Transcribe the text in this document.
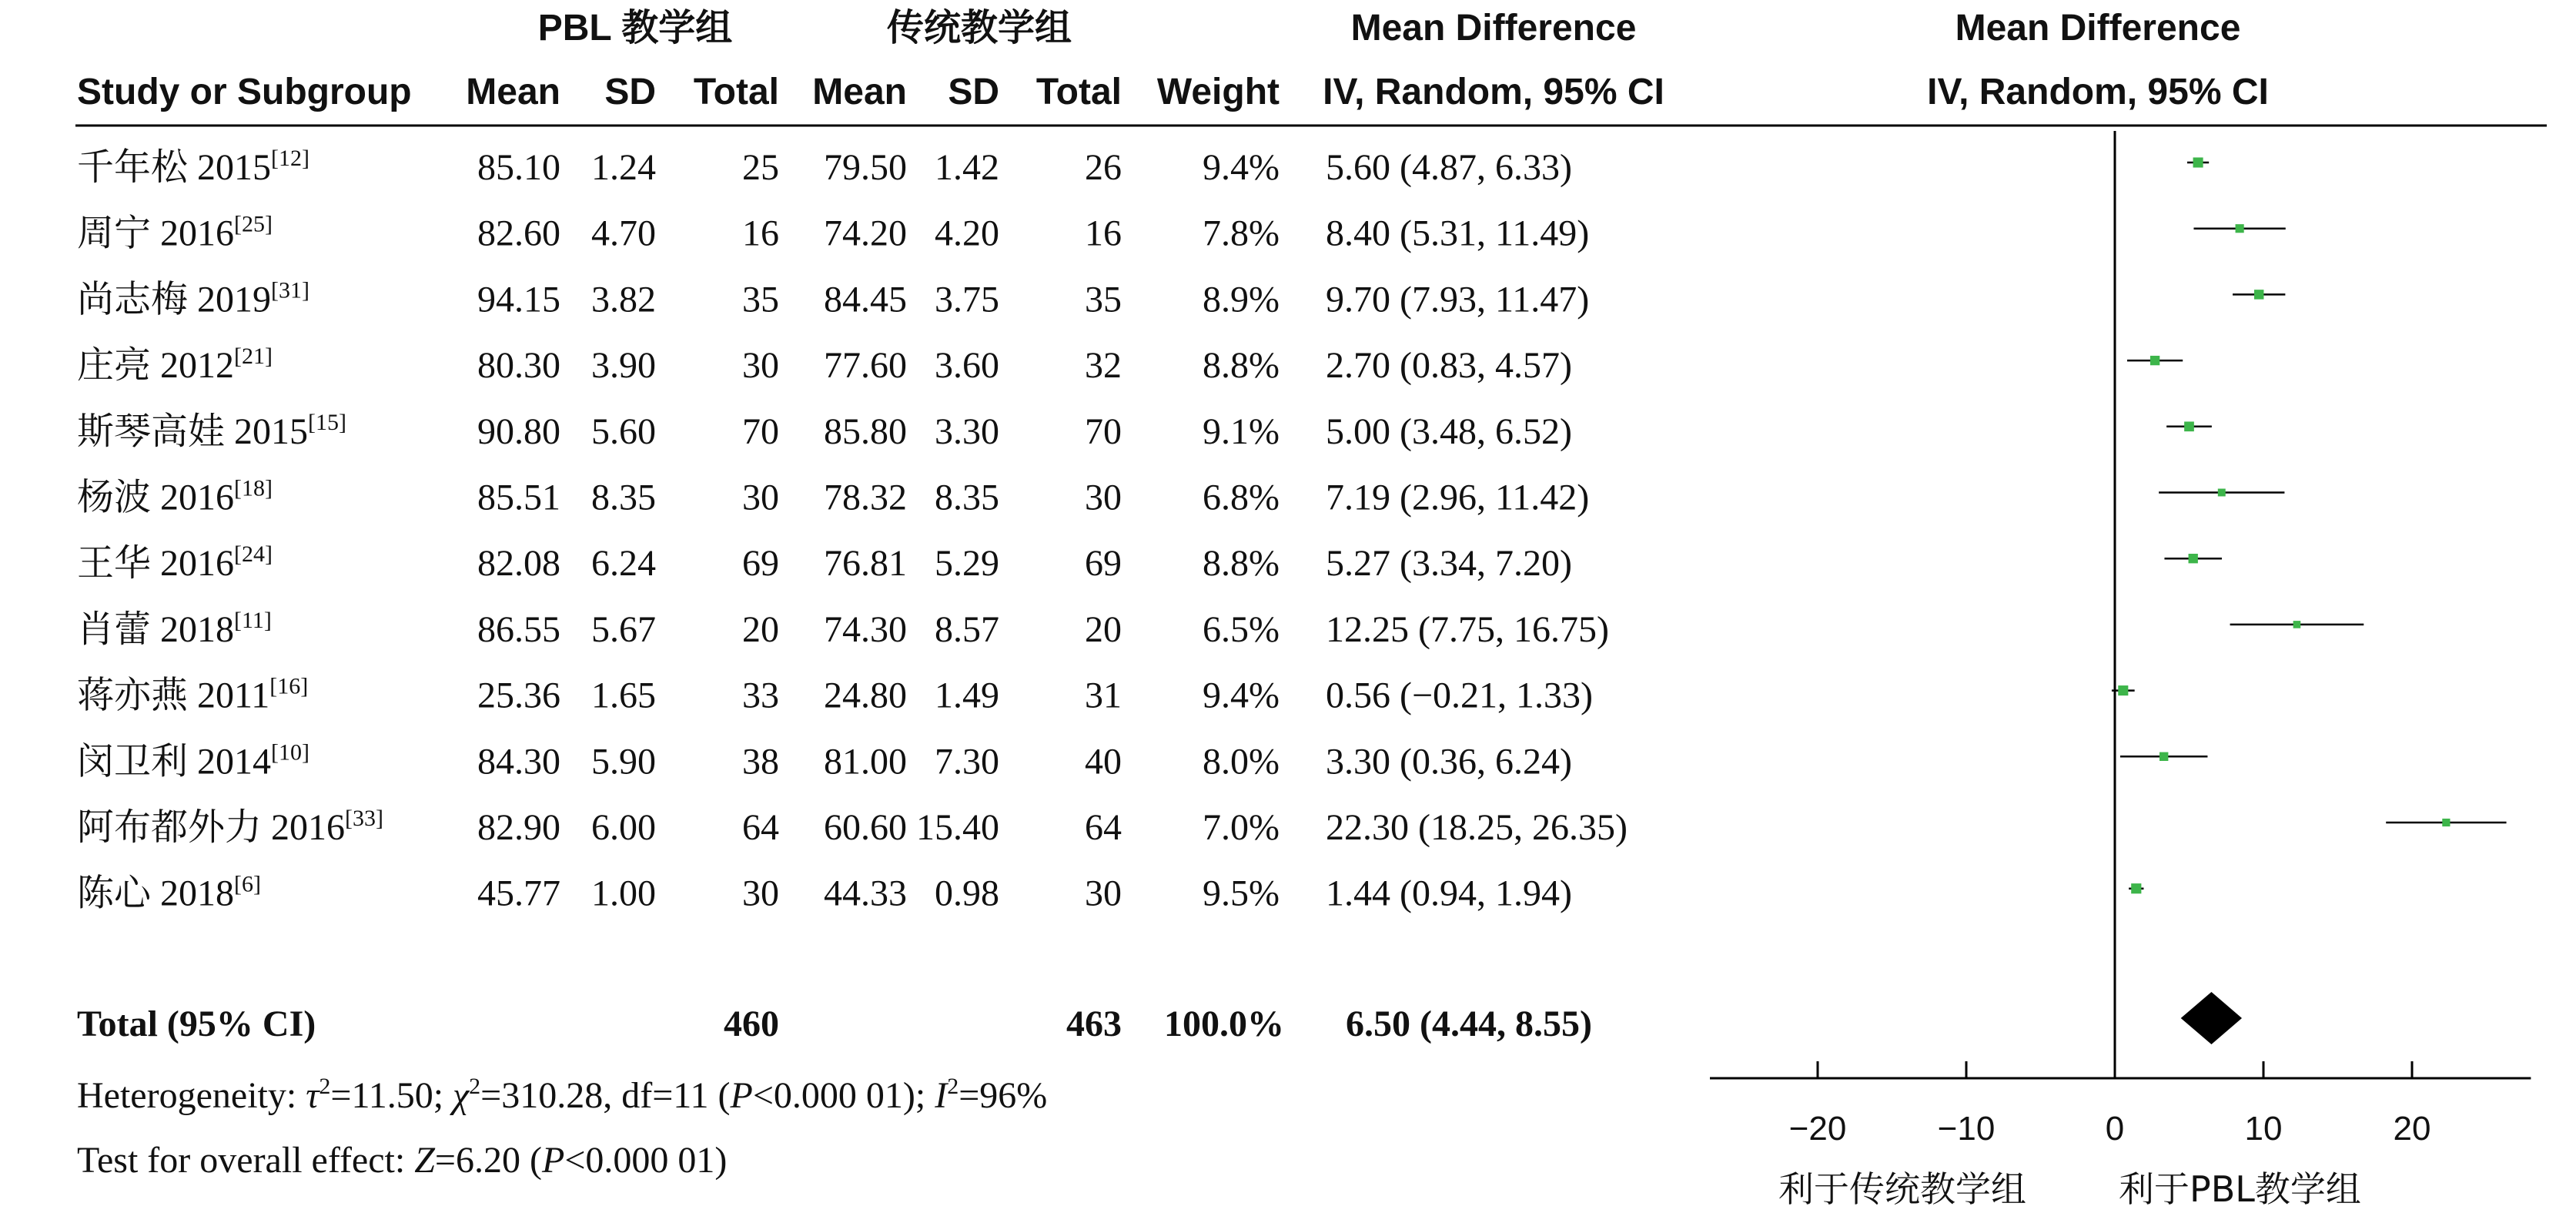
PBL 教学组	传统教学组	Mean Difference	Mean Difference
Study or Subgroup Mean SD Total Mean SD Total Weight IV, Random, 95% CI	IV, Random, 95% CI
千年松 2015[12]	85.10 1.24 25 79.50 1.42 26 9.4% 5.60 (4.87, 6.33)
周宁 2016[25]	82.60 4.70 16 74.20 4.20 16 7.8% 8.40 (5.31, 11.49)
尚志梅 2019[31]	94.15 3.82 35 84.45 3.75 35 8.9% 9.70 (7.93, 11.47)
庄亮 2012[21]	80.30 3.90 30 77.60 3.60 32 8.8% 2.70 (0.83, 4.57)
斯琴高娃 2015[15]	90.80 5.60 70 85.80 3.30 70 9.1% 5.00 (3.48, 6.52)
杨波 2016[18]	85.51 8.35 30 78.32 8.35 30 6.8% 7.19 (2.96, 11.42)
王华 2016[24]	82.08 6.24 69 76.81 5.29 69 8.8% 5.27 (3.34, 7.20)
肖蕾 2018[11]	86.55 5.67 20 74.30 8.57 20 6.5% 12.25 (7.75, 16.75)
蒋亦燕 2011[16]	25.36 1.65 33 24.80 1.49 31 9.4% 0.56 (−0.21, 1.33)
闵卫利 2014[10]	84.30 5.90 38 81.00 7.30 40 8.0% 3.30 (0.36, 6.24)
阿布都外力 2016[33]	82.90 6.00 64 60.60 15.40 64 7.0% 22.30 (18.25, 26.35)
陈心 2018[6]	45.77 1.00 30 44.33 0.98 30 9.5% 1.44 (0.94, 1.94)
Total (95% CI)	460	463 100.0% 6.50 (4.44, 8.55)
Heterogeneity: $\tau^2=11.50$; $\chi^2=310.28$, df=11 (P<0.000 01); $I^2=96\%$
Test for overall effect: Z=6.20 (P<0.000 01)
−20	−10	0	10	20
利于传统教学组	利于PBL教学组
